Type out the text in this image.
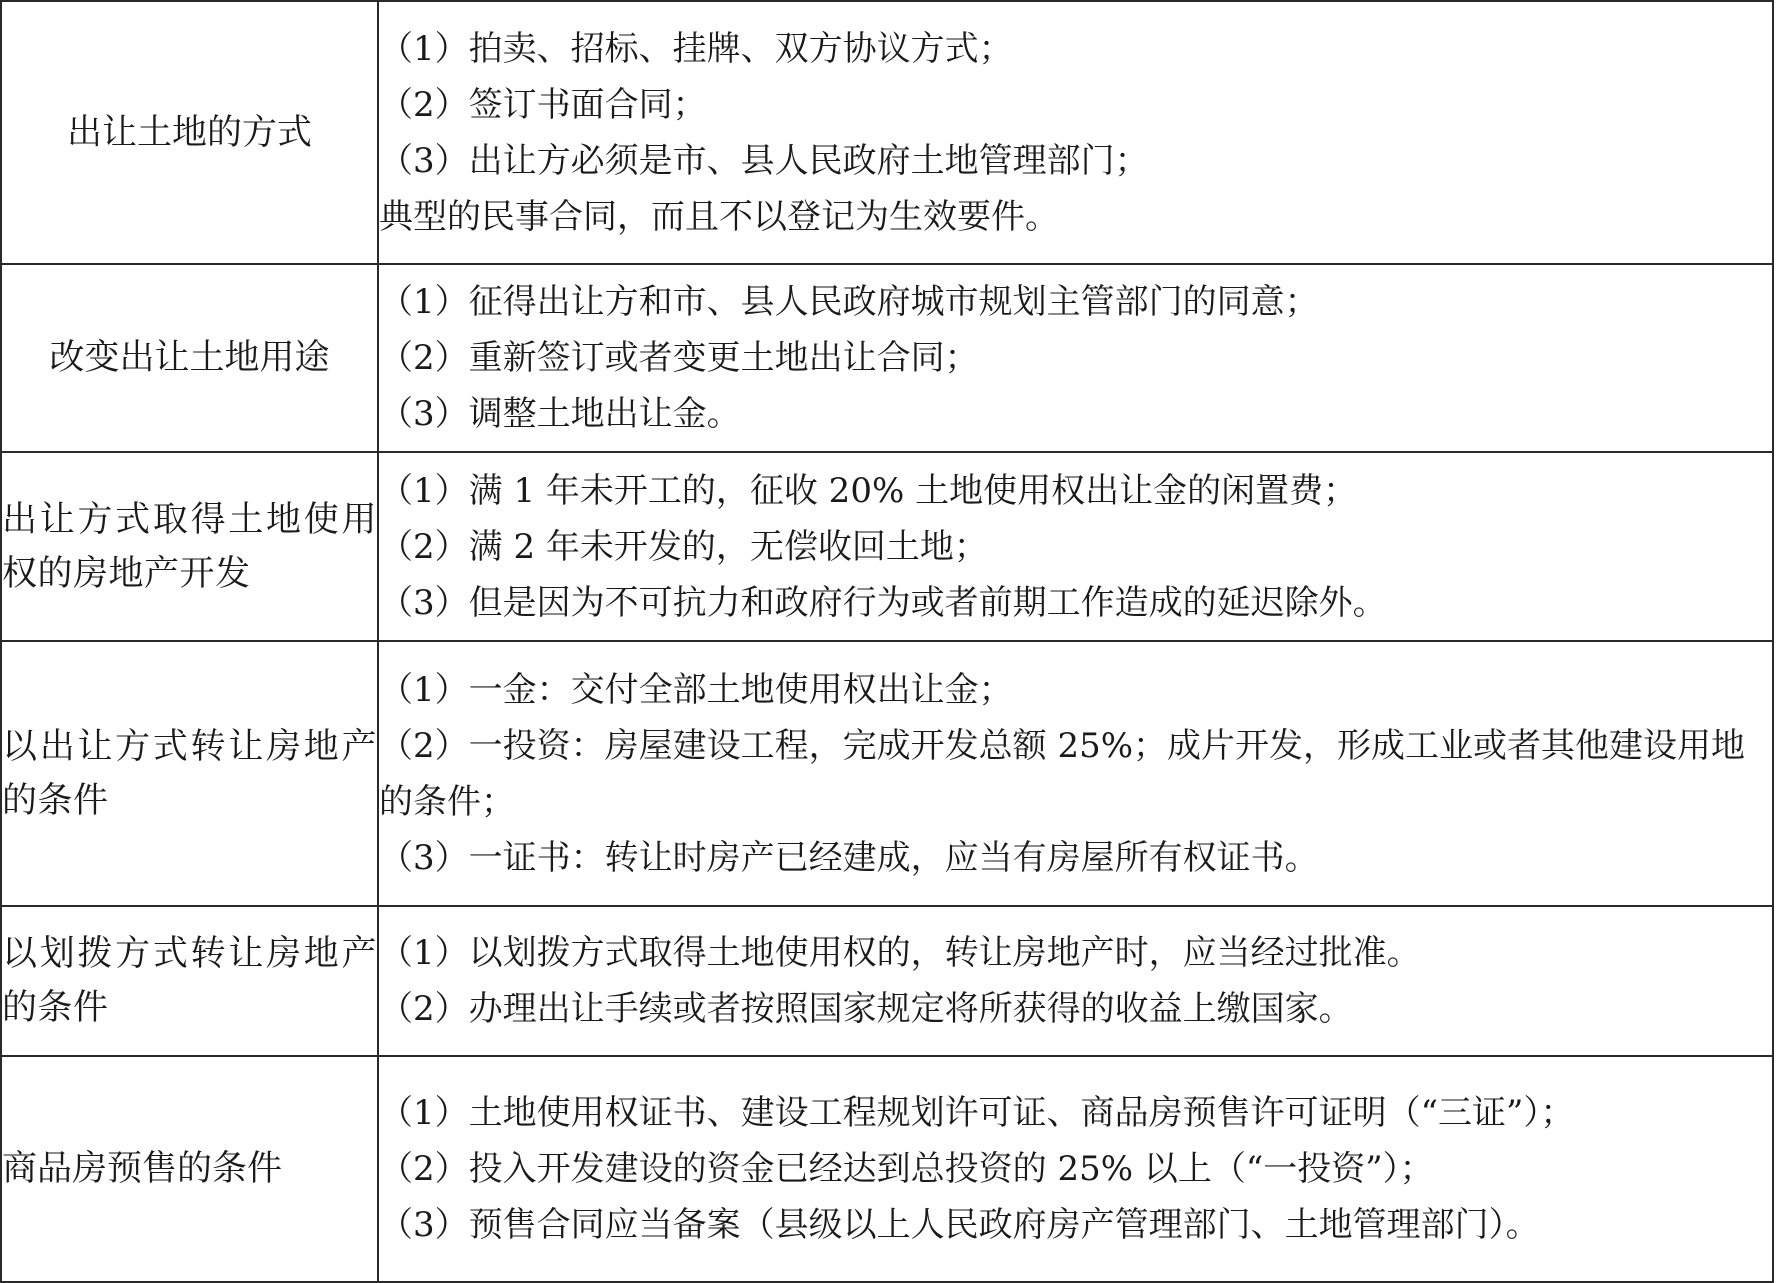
出让土地的方式	（1）拍卖、招标、挂牌、双方协议方式；
（2）签订书面合同；
（3）出让方必须是市、县人民政府土地管理部门；
典型的民事合同，而且不以登记为生效要件。

改变出让土地用途	（1）征得出让方和市、县人民政府城市规划主管部门的同意；
（2）重新签订或者变更土地出让合同；
（3）调整土地出让金。

出让方式取得土地使用权的房地产开发	（1）满 1 年未开工的，征收 20% 土地使用权出让金的闲置费；
（2）满 2 年未开发的，无偿收回土地；
（3）但是因为不可抗力和政府行为或者前期工作造成的延迟除外。

以出让方式转让房地产的条件	（1）一金：交付全部土地使用权出让金；
（2）一投资：房屋建设工程，完成开发总额 25%；成片开发，形成工业或者其他建设用地的条件；
（3）一证书：转让时房产已经建成，应当有房屋所有权证书。

以划拨方式转让房地产的条件	（1）以划拨方式取得土地使用权的，转让房地产时，应当经过批准。
（2）办理出让手续或者按照国家规定将所获得的收益上缴国家。

商品房预售的条件	（1）土地使用权证书、建设工程规划许可证、商品房预售许可证明（“三证”）；
（2）投入开发建设的资金已经达到总投资的 25% 以上（“一投资”）；
（3）预售合同应当备案（县级以上人民政府房产管理部门、土地管理部门）。
